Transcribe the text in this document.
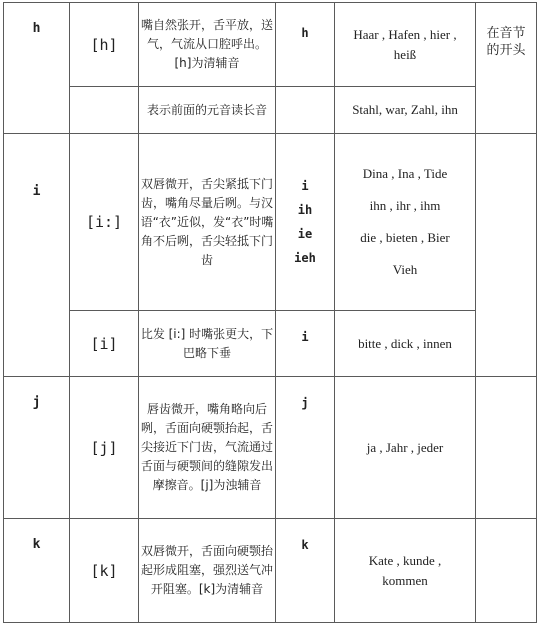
h	[h]	嘴自然张开，舌平放，送气，气流从口腔呼出。[h]为清辅音	h	Haar , Hafen , hier ,
heiß	在音节
的开头
		表示前面的元音读长音		Stahl, war, Zahl, ihn	
i	[i:]	双唇微开，舌尖紧抵下门齿，嘴角尽量后咧。与汉语“衣”近似，发“衣”时嘴角不后咧，舌尖轻抵下门齿	i
ih
ie
ieh	Dina , Ina , Tide
ihn , ihr , ihm
die , bieten , Bier
Vieh	

	[i]	比发 [i:] 时嘴张更大，下巴略下垂	i	bitte , dick , innen	
j	[j]	唇齿微开，嘴角略向后咧，舌面向硬颚抬起，舌尖接近下门齿，气流通过舌面与硬颚间的缝隙发出摩擦音。[j]为浊辅音	j	ja , Jahr , jeder	
k	[k]	双唇微开，舌面向硬颚抬起形成阻塞，强烈送气冲开阻塞。[k]为清辅音	k	Kate , kunde ,
kommen	
